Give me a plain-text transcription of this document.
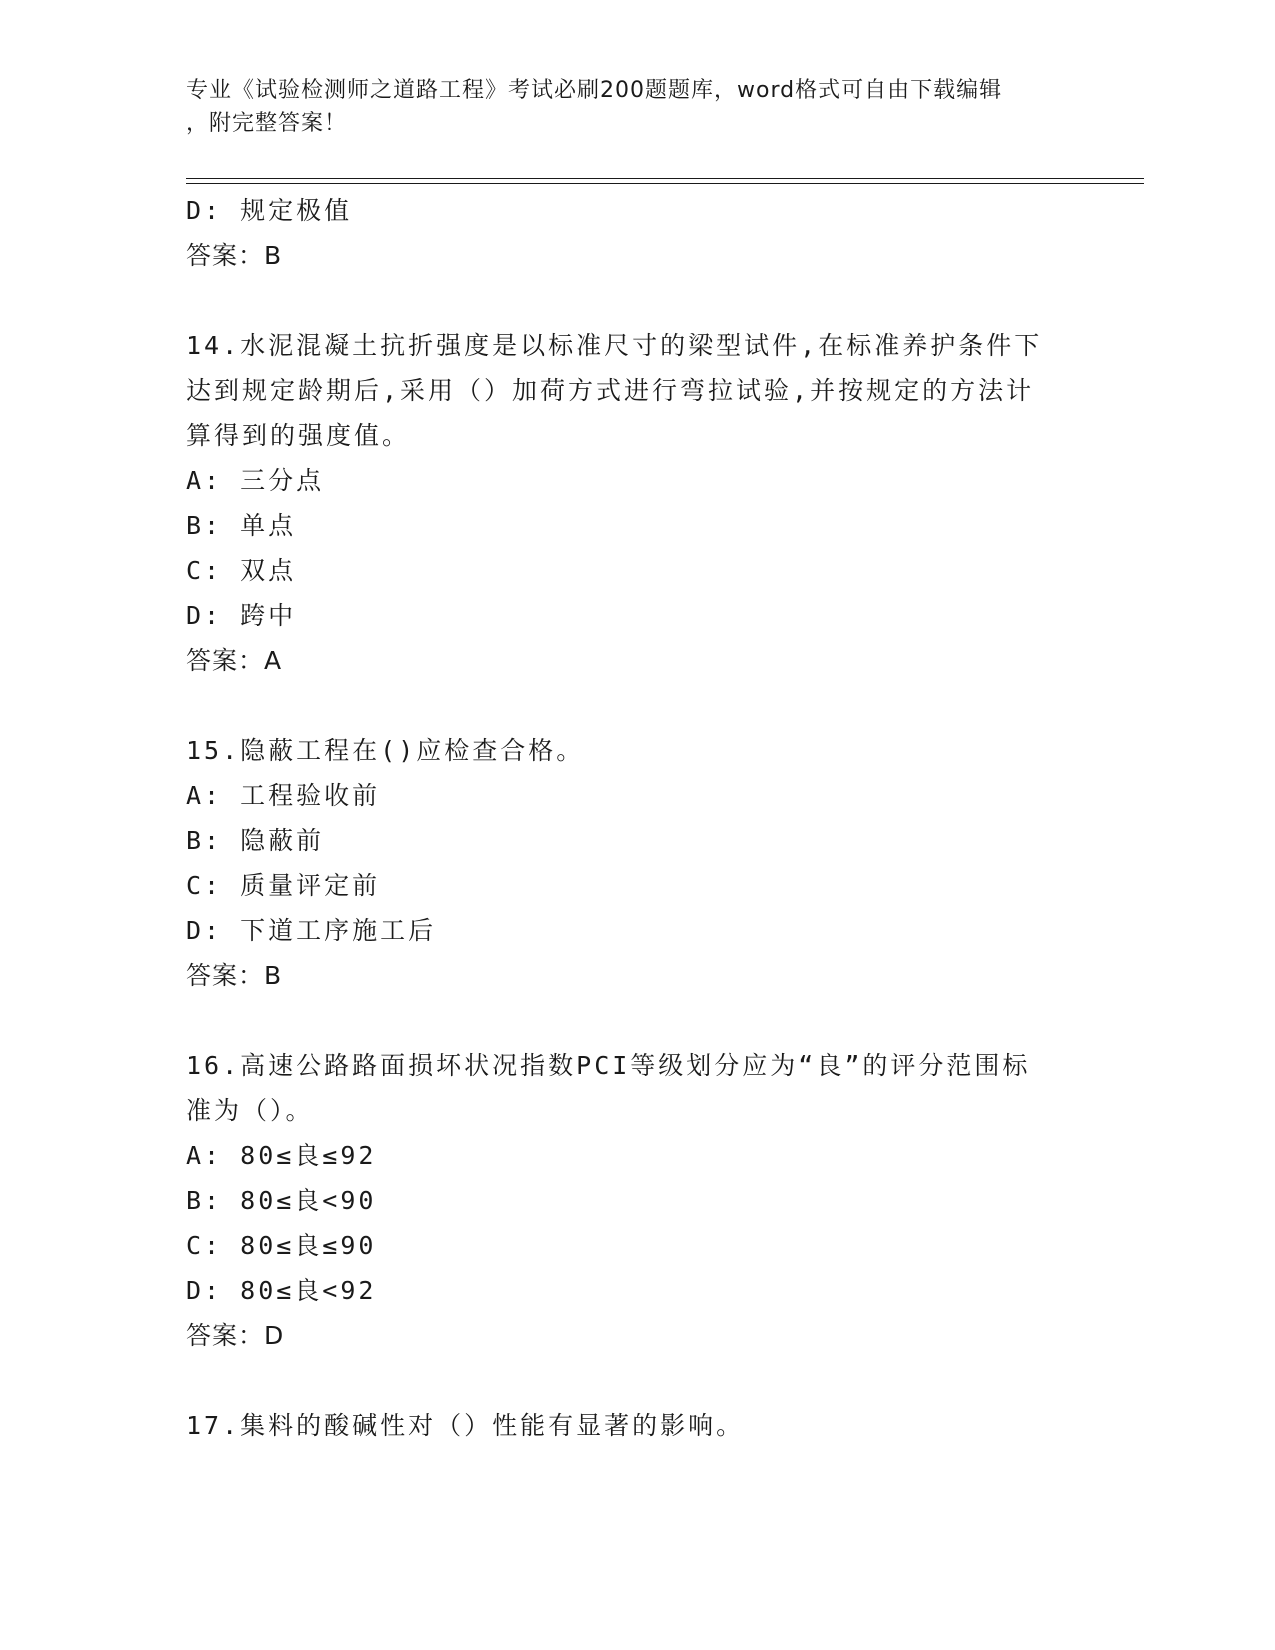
专业《试验检测师之道路工程》考试必刷200题题库，word格式可自由下载编辑
，附完整答案！
D: 规定极值
答案：B
14.水泥混凝土抗折强度是以标准尺寸的梁型试件,在标准养护条件下
达到规定龄期后,采用（）加荷方式进行弯拉试验,并按规定的方法计
算得到的强度值。
A: 三分点
B: 单点
C: 双点
D: 跨中
答案：A
15.隐蔽工程在()应检查合格。
A: 工程验收前
B: 隐蔽前
C: 质量评定前
D: 下道工序施工后
答案：B
16.高速公路路面损坏状况指数PCI等级划分应为“良”的评分范围标
准为（）。
A: 80≤良≤92
B: 80≤良<90
C: 80≤良≤90
D: 80≤良<92
答案：D
17.集料的酸碱性对（）性能有显著的影响。
